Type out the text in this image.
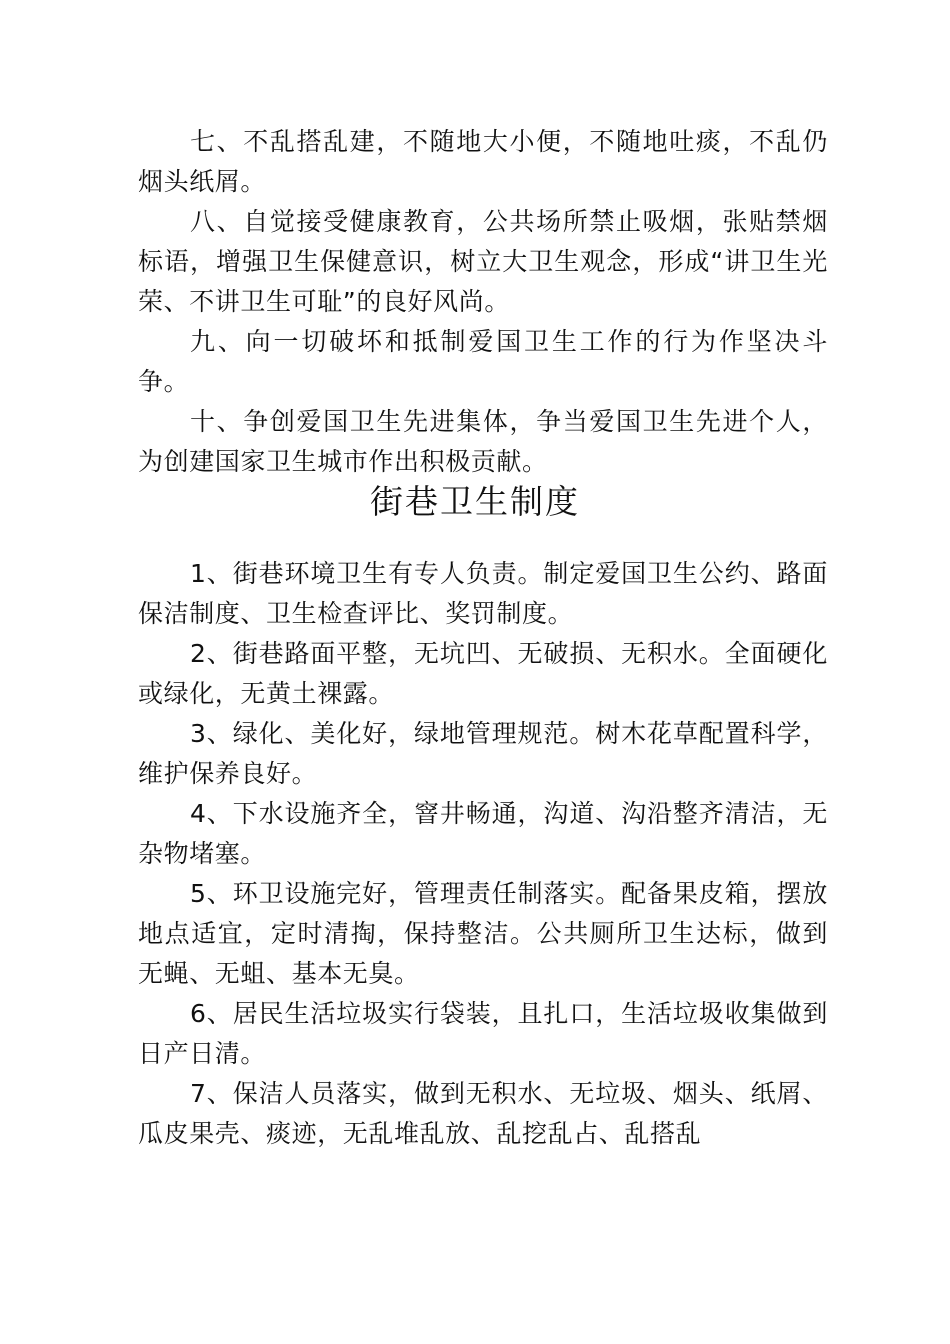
七、不乱搭乱建，不随地大小便，不随地吐痰，不乱仍烟头纸屑。

八、自觉接受健康教育，公共场所禁止吸烟，张贴禁烟标语，增强卫生保健意识，树立大卫生观念，形成“讲卫生光荣、不讲卫生可耻”的良好风尚。

九、向一切破坏和抵制爱国卫生工作的行为作坚决斗争。

十、争创爱国卫生先进集体，争当爱国卫生先进个人，为创建国家卫生城市作出积极贡献。

街巷卫生制度

1、街巷环境卫生有专人负责。制定爱国卫生公约、路面保洁制度、卫生检查评比、奖罚制度。

2、街巷路面平整，无坑凹、无破损、无积水。全面硬化或绿化，无黄土裸露。

3、绿化、美化好，绿地管理规范。树木花草配置科学，维护保养良好。

4、下水设施齐全，窨井畅通，沟道、沟沿整齐清洁，无杂物堵塞。

5、环卫设施完好，管理责任制落实。配备果皮箱，摆放地点适宜，定时清掏，保持整洁。公共厕所卫生达标，做到无蝇、无蛆、基本无臭。

6、居民生活垃圾实行袋装，且扎口，生活垃圾收集做到日产日清。

7、保洁人员落实，做到无积水、无垃圾、烟头、纸屑、瓜皮果壳、痰迹，无乱堆乱放、乱挖乱占、乱搭乱
